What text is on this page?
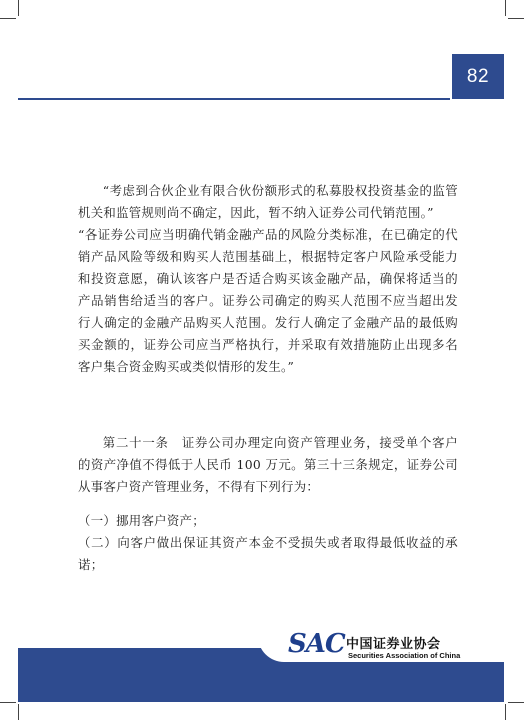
82
“考虑到合伙企业有限合伙份额形式的私募股权投资基金的监管机关和监管规则尚不确定，因此，暂不纳入证券公司代销范围。”
“各证券公司应当明确代销金融产品的风险分类标准，在已确定的代销产品风险等级和购买人范围基础上，根据特定客户风险承受能力和投资意愿，确认该客户是否适合购买该金融产品，确保将适当的产品销售给适当的客户。证券公司确定的购买人范围不应当超出发行人确定的金融产品购买人范围。发行人确定了金融产品的最低购买金额的，证券公司应当严格执行，并采取有效措施防止出现多名客户集合资金购买或类似情形的发生。”
第二十一条　证券公司办理定向资产管理业务，接受单个客户的资产净值不得低于人民币 100 万元。第三十三条规定，证券公司从事客户资产管理业务，不得有下列行为：
（一）挪用客户资产；
（二）向客户做出保证其资产本金不受损失或者取得最低收益的承诺；
SAC 中国证券业协会
Securities Association of China
